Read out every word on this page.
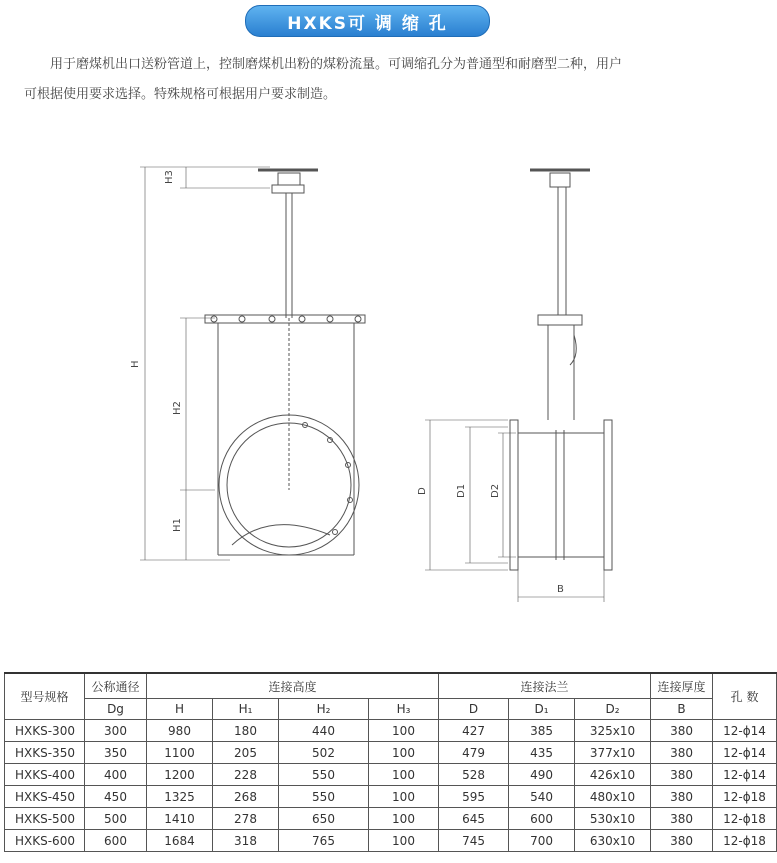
HXKS可 调 缩 孔

用于磨煤机出口送粉管道上，控制磨煤机出粉的煤粉流量。可调缩孔分为普通型和耐磨型二种，用户

可根据使用要求选择。特殊规格可根据用户要求制造。

H3
H
H2
H1
D	D1 D2
B
型号规格	公称通径	连接高度				连接法兰			连接厚度	孔 数
	Dg	H	H₁	H₂	H₃	D	D₁	D₂	B	
HXKS-300	300	980	180	440	100	427	385	325x10	380	12-ϕ14
HXKS-350	350	1100	205	502	100	479	435	377x10	380	12-ϕ14
HXKS-400	400	1200	228	550	100	528	490	426x10	380	12-ϕ14
HXKS-450	450	1325	268	550	100	595	540	480x10	380	12-ϕ18
HXKS-500	500	1410	278	650	100	645	600	530x10	380	12-ϕ18
HXKS-600	600	1684	318	765	100	745	700	630x10	380	12-ϕ18
